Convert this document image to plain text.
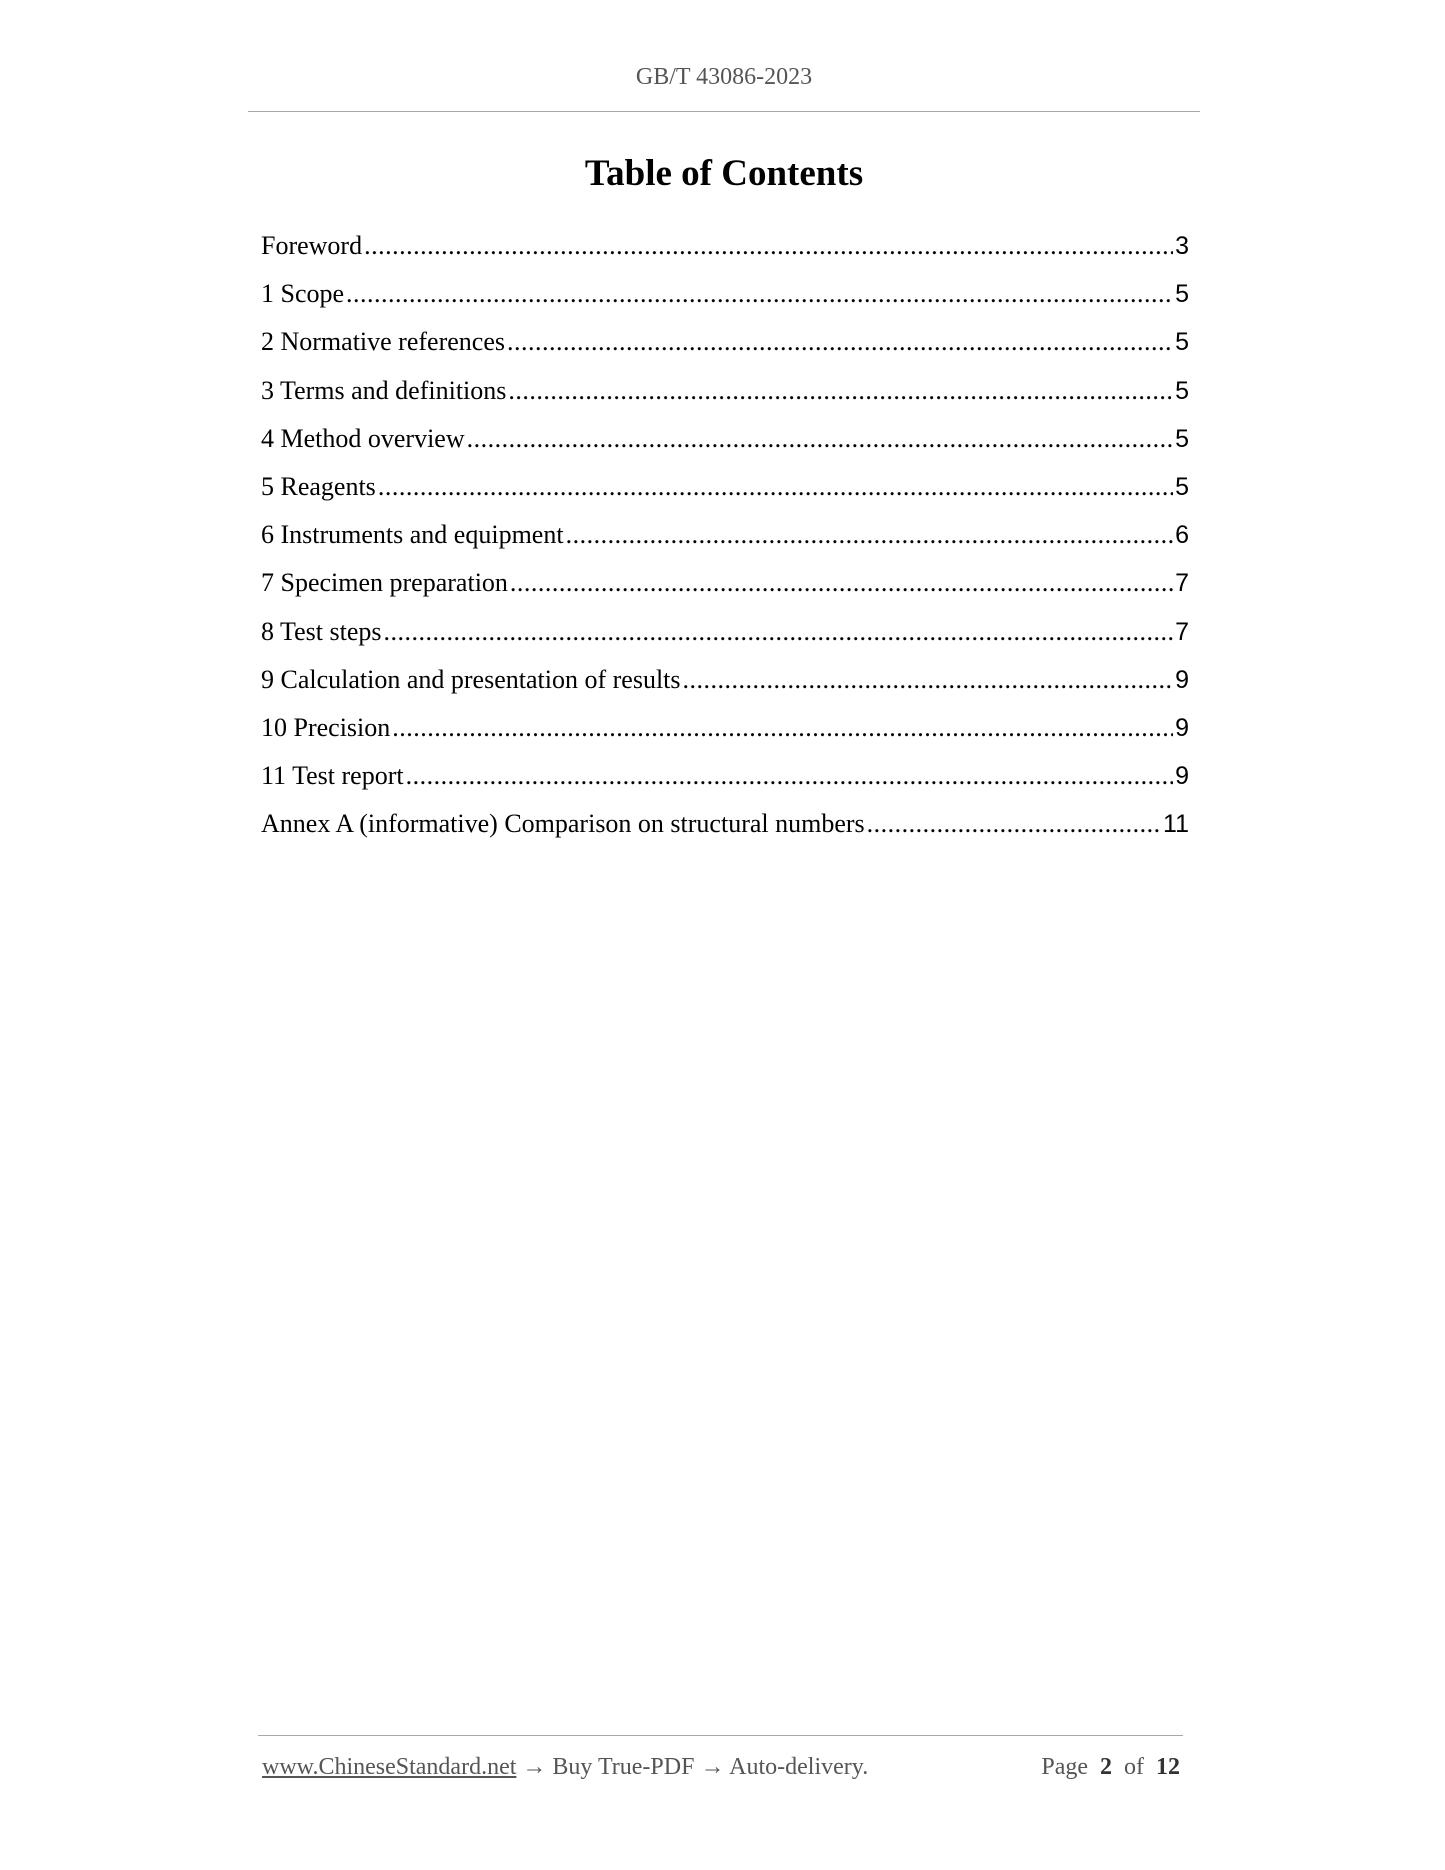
GB/T 43086-2023
Table of Contents
Foreword .....	3
1 Scope .....	5
2 Normative references .....	5
3 Terms and definitions .....	5
4 Method overview .....	5
5 Reagents .....	5
6 Instruments and equipment .....	6
7 Specimen preparation .....	7
8 Test steps .....	7
9 Calculation and presentation of results .....	9
10 Precision .....	9
11 Test report .....	9
Annex A (informative) Comparison on structural numbers .....	11
www.ChineseStandard.net → Buy True-PDF → Auto-delivery.	Page 2 of 12
